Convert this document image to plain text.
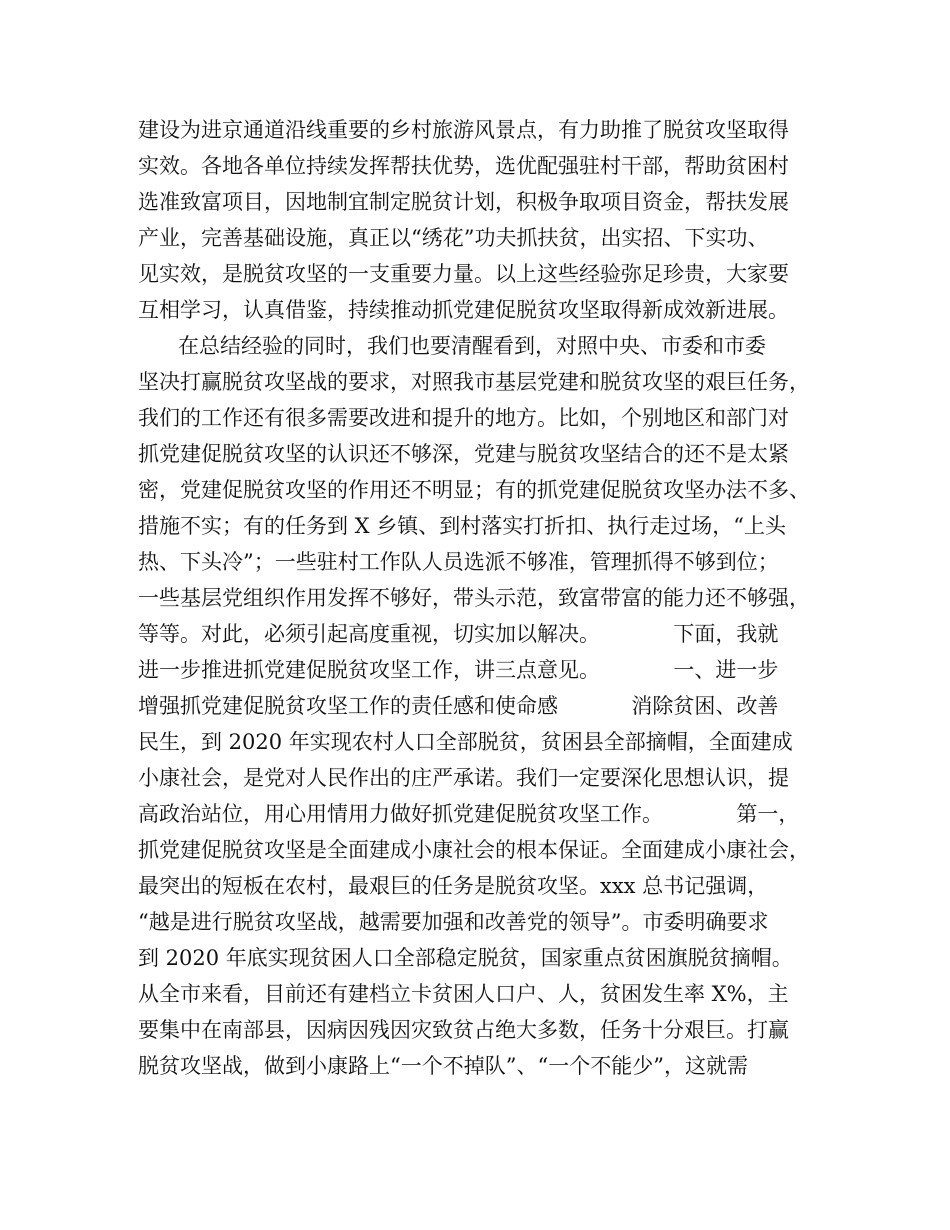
建设为进京通道沿线重要的乡村旅游风景点，有力助推了脱贫攻坚取得
实效。各地各单位持续发挥帮扶优势，选优配强驻村干部，帮助贫困村
选准致富项目，因地制宜制定脱贫计划，积极争取项目资金，帮扶发展
产业，完善基础设施，真正以“绣花”功夫抓扶贫，出实招、下实功、
见实效，是脱贫攻坚的一支重要力量。以上这些经验弥足珍贵，大家要
互相学习，认真借鉴，持续推动抓党建促脱贫攻坚取得新成效新进展。
在总结经验的同时，我们也要清醒看到，对照中央、市委和市委
坚决打赢脱贫攻坚战的要求，对照我市基层党建和脱贫攻坚的艰巨任务，
我们的工作还有很多需要改进和提升的地方。比如，个别地区和部门对
抓党建促脱贫攻坚的认识还不够深，党建与脱贫攻坚结合的还不是太紧
密，党建促脱贫攻坚的作用还不明显；有的抓党建促脱贫攻坚办法不多、
措施不实；有的任务到 X 乡镇、到村落实打折扣、执行走过场，“上头
热、下头冷”；一些驻村工作队人员选派不够准，管理抓得不够到位；
一些基层党组织作用发挥不够好，带头示范，致富带富的能力还不够强，
等等。对此，必须引起高度重视，切实加以解决。           下面，我就
进一步推进抓党建促脱贫攻坚工作，讲三点意见。           一、进一步
增强抓党建促脱贫攻坚工作的责任感和使命感           消除贫困、改善
民生，到 2020 年实现农村人口全部脱贫，贫困县全部摘帽，全面建成
小康社会，是党对人民作出的庄严承诺。我们一定要深化思想认识，提
高政治站位，用心用情用力做好抓党建促脱贫攻坚工作。           第一，
抓党建促脱贫攻坚是全面建成小康社会的根本保证。全面建成小康社会，
最突出的短板在农村，最艰巨的任务是脱贫攻坚。xxx 总书记强调，
“越是进行脱贫攻坚战，越需要加强和改善党的领导”。市委明确要求
到 2020 年底实现贫困人口全部稳定脱贫，国家重点贫困旗脱贫摘帽。
从全市来看，目前还有建档立卡贫困人口户、人，贫困发生率 X%，主
要集中在南部县，因病因残因灾致贫占绝大多数，任务十分艰巨。打赢
脱贫攻坚战，做到小康路上“一个不掉队”、“一个不能少”，这就需
